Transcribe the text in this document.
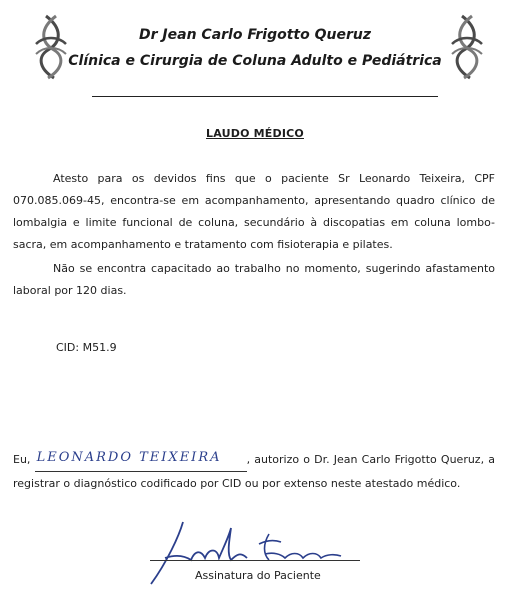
Dr Jean Carlo Frigotto Queruz
Clínica e Cirurgia de Coluna Adulto e Pediátrica
LAUDO MÉDICO

Atesto para os devidos fins que o paciente Sr Leonardo Teixeira, CPF 070.085.069-45, encontra-se em acompanhamento, apresentando quadro clínico de lombalgia e limite funcional de coluna, secundário à discopatias em coluna lombo-sacra, em acompanhamento e tratamento com fisioterapia e pilates.

Não se encontra capacitado ao trabalho no momento, sugerindo afastamento laboral por 120 dias.

CID: M51.9

Eu, LEONARDO TEIXEIRA , autorizo o Dr. Jean Carlo Frigotto Queruz, a registrar o diagnóstico codificado por CID ou por extenso neste atestado médico.

Assinatura do Paciente
